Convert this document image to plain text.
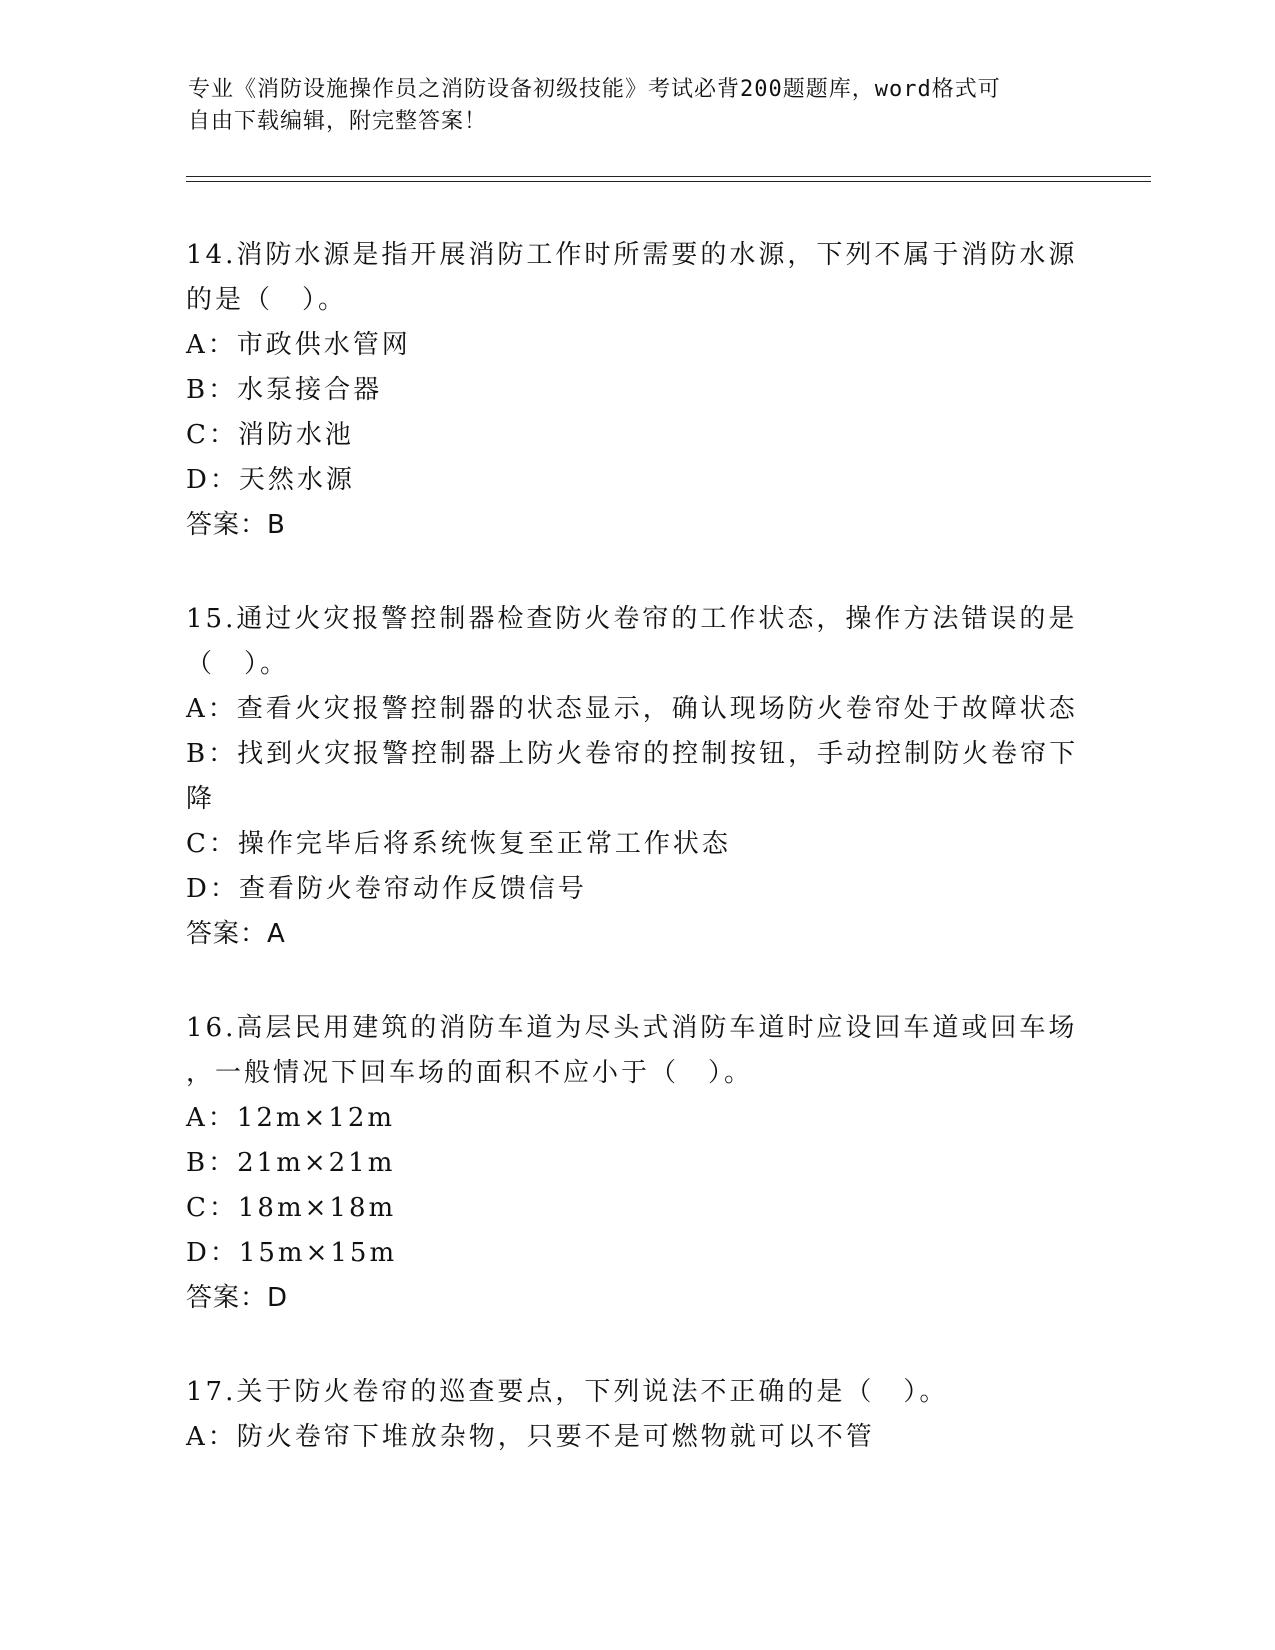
专业《消防设施操作员之消防设备初级技能》考试必背200题题库，word格式可
自由下载编辑，附完整答案！
14.消防水源是指开展消防工作时所需要的水源，下列不属于消防水源
的是（　）。
A：市政供水管网
B：水泵接合器
C：消防水池
D：天然水源
答案：B
15.通过火灾报警控制器检查防火卷帘的工作状态，操作方法错误的是
（　）。
A：查看火灾报警控制器的状态显示，确认现场防火卷帘处于故障状态
B：找到火灾报警控制器上防火卷帘的控制按钮，手动控制防火卷帘下
降
C：操作完毕后将系统恢复至正常工作状态
D：查看防火卷帘动作反馈信号
答案：A
16.高层民用建筑的消防车道为尽头式消防车道时应设回车道或回车场
，一般情况下回车场的面积不应小于（　）。
A：12m×12m
B：21m×21m
C：18m×18m
D：15m×15m
答案：D
17.关于防火卷帘的巡查要点，下列说法不正确的是（　）。
A：防火卷帘下堆放杂物，只要不是可燃物就可以不管
